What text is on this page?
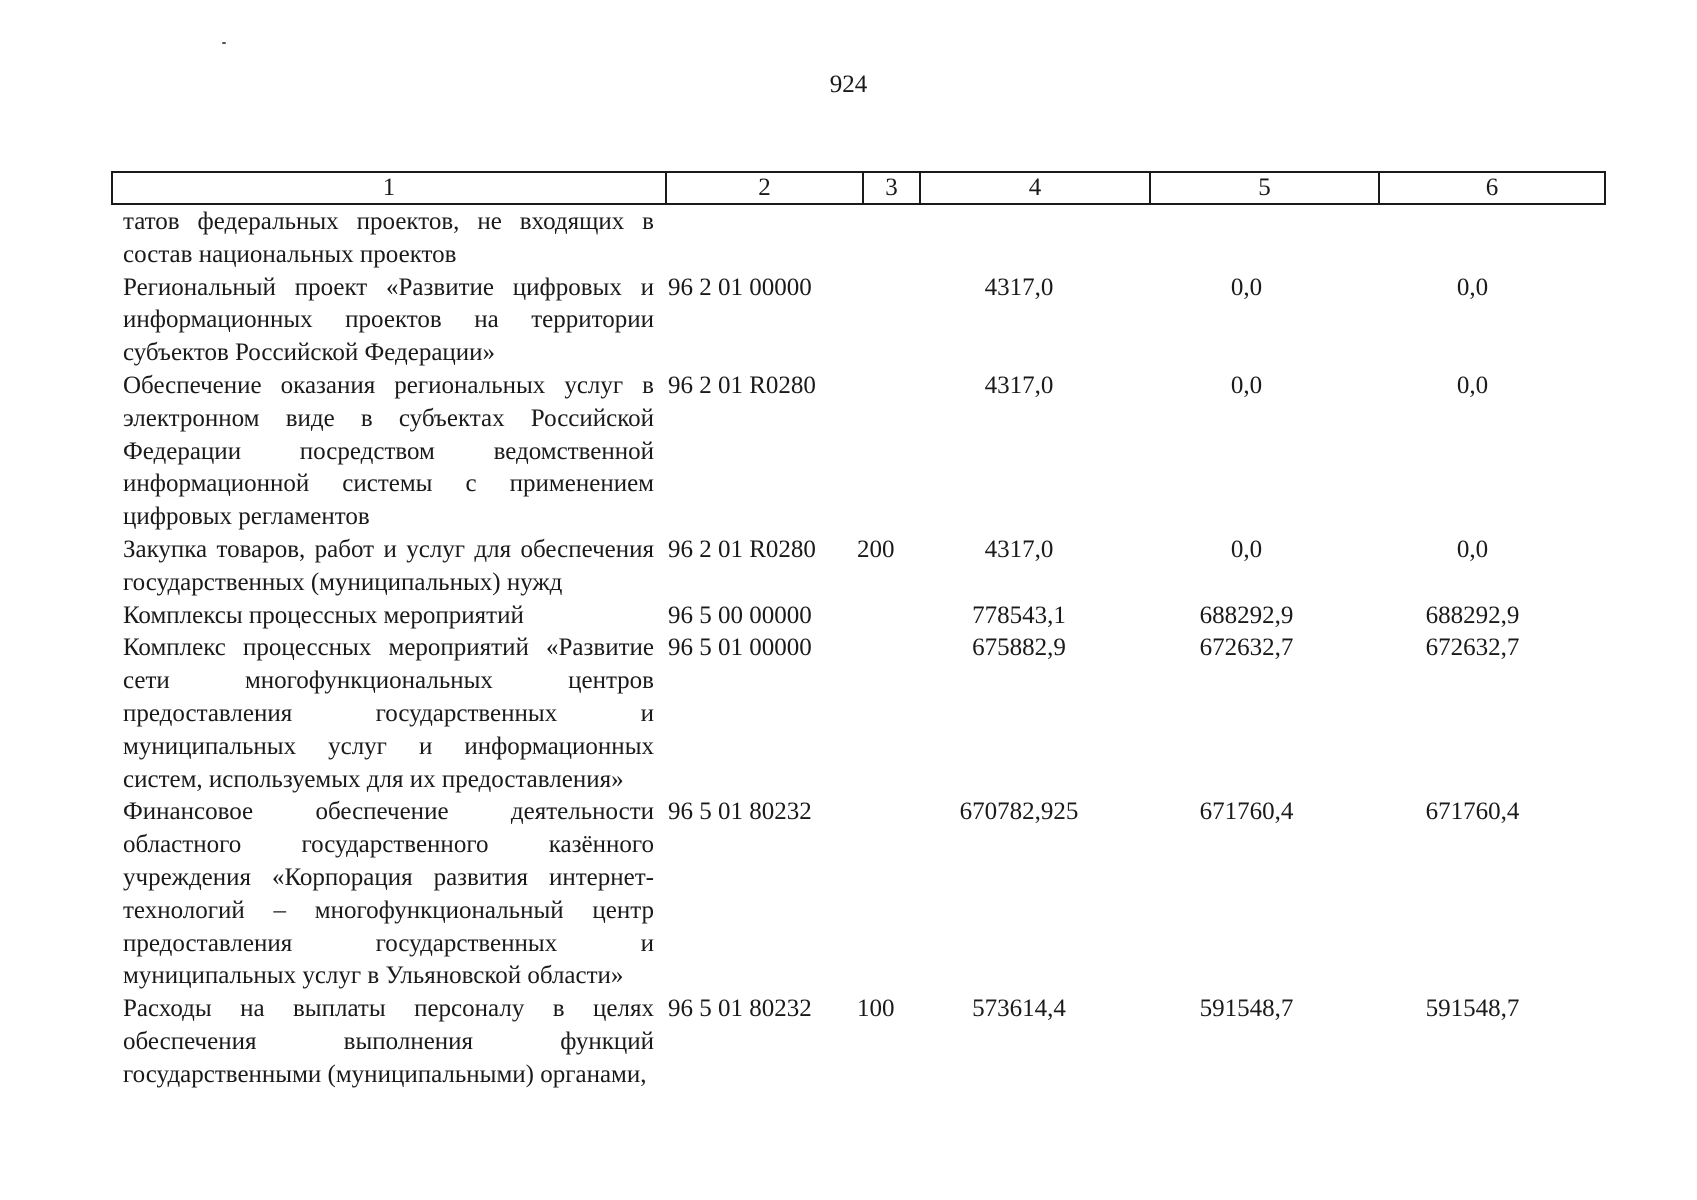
924
1	2	3	4	5	6
татов федеральных проектов, не входящих в состав национальных проектов					
Региональный проект «Развитие цифровых и информационных проектов на территории субъектов Российской Федерации»	96 2 01 00000		4317,0	0,0	0,0
Обеспечение оказания региональных услуг в электронном виде в субъектах Российской Федерации посредством ведомственной информационной системы с применением цифровых регламентов	96 2 01 R0280		4317,0	0,0	0,0
Закупка товаров, работ и услуг для обеспечения государственных (муниципальных) нужд	96 2 01 R0280	200	4317,0	0,0	0,0
Комплексы процессных мероприятий	96 5 00 00000		778543,1	688292,9	688292,9
Комплекс процессных мероприятий «Развитие сети многофункциональных центров предоставления государственных и муниципальных услуг и информационных систем, используемых для их предоставления»	96 5 01 00000		675882,9	672632,7	672632,7
Финансовое обеспечение деятельности областного государственного казённого учреждения «Корпорация развития интернет-технологий – многофункциональный центр предоставления государственных и муниципальных услуг в Ульяновской области»	96 5 01 80232		670782,925	671760,4	671760,4
Расходы на выплаты персоналу в целях обеспечения выполнения функций государственными (муниципальными) органами,	96 5 01 80232	100	573614,4	591548,7	591548,7
